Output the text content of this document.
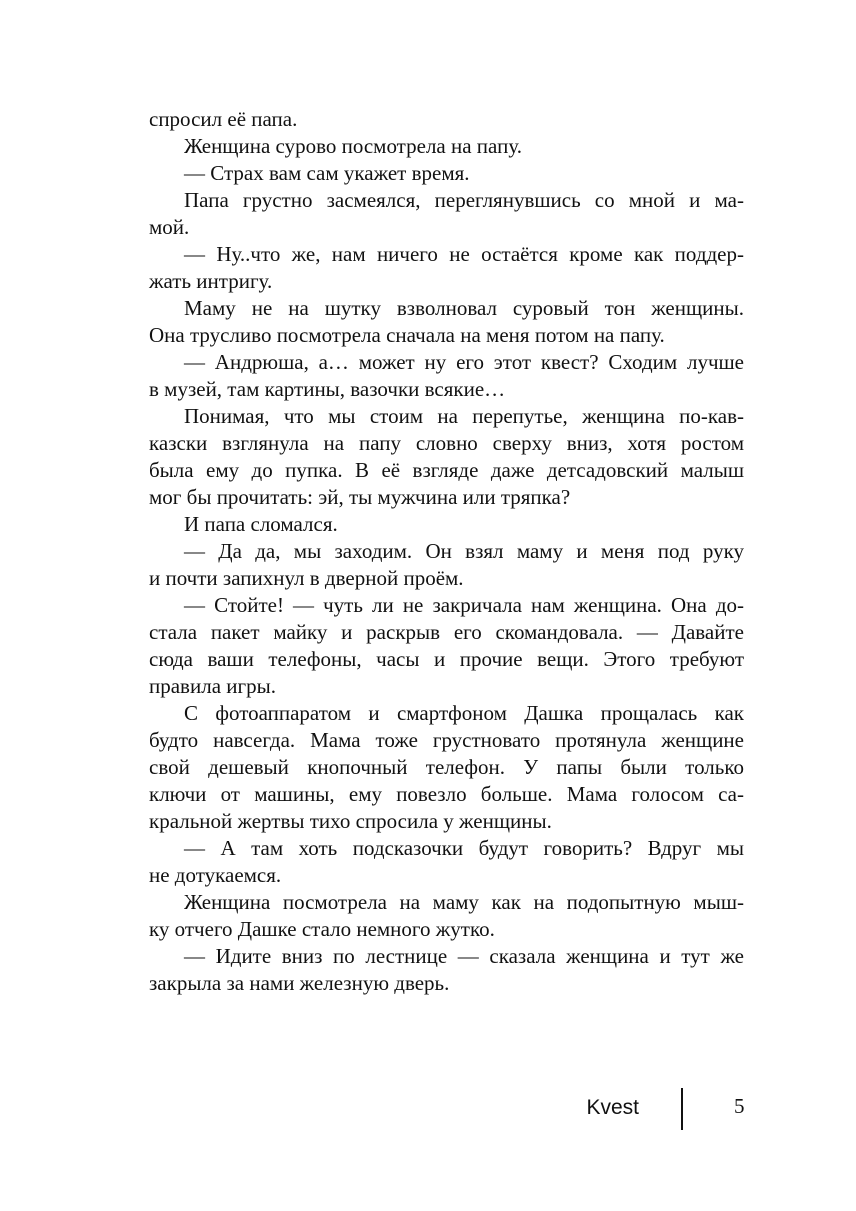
спросил её папа.
Женщина сурово посмотрела на папу.
— Страх вам сам укажет время.
Папа грустно засмеялся, переглянувшись со мной и ма-
мой.
— Ну..что же, нам ничего не остаётся кроме как поддер-
жать интригу.
Маму не на шутку взволновал суровый тон женщины.
Она трусливо посмотрела сначала на меня потом на папу.
— Андрюша, а… может ну его этот квест? Сходим лучше
в музей, там картины, вазочки всякие…
Понимая, что мы стоим на перепутье, женщина по-кав-
казски взглянула на папу словно сверху вниз, хотя ростом
была ему до пупка. В её взгляде даже детсадовский малыш
мог бы прочитать: эй, ты мужчина или тряпка?
И папа сломался.
— Да да, мы заходим. Он взял маму и меня под руку
и почти запихнул в дверной проём.
— Стойте! — чуть ли не закричала нам женщина. Она до-
стала пакет майку и раскрыв его скомандовала. — Давайте
сюда ваши телефоны, часы и прочие вещи. Этого требуют
правила игры.
С фотоаппаратом и смартфоном Дашка прощалась как
будто навсегда. Мама тоже грустновато протянула женщине
свой дешевый кнопочный телефон. У папы были только
ключи от машины, ему повезло больше. Мама голосом са-
кральной жертвы тихо спросила у женщины.
— А там хоть подсказочки будут говорить? Вдруг мы
не дотукаемся.
Женщина посмотрела на маму как на подопытную мыш-
ку отчего Дашке стало немного жутко.
— Идите вниз по лестнице — сказала женщина и тут же
закрыла за нами железную дверь.
Kvest	5
